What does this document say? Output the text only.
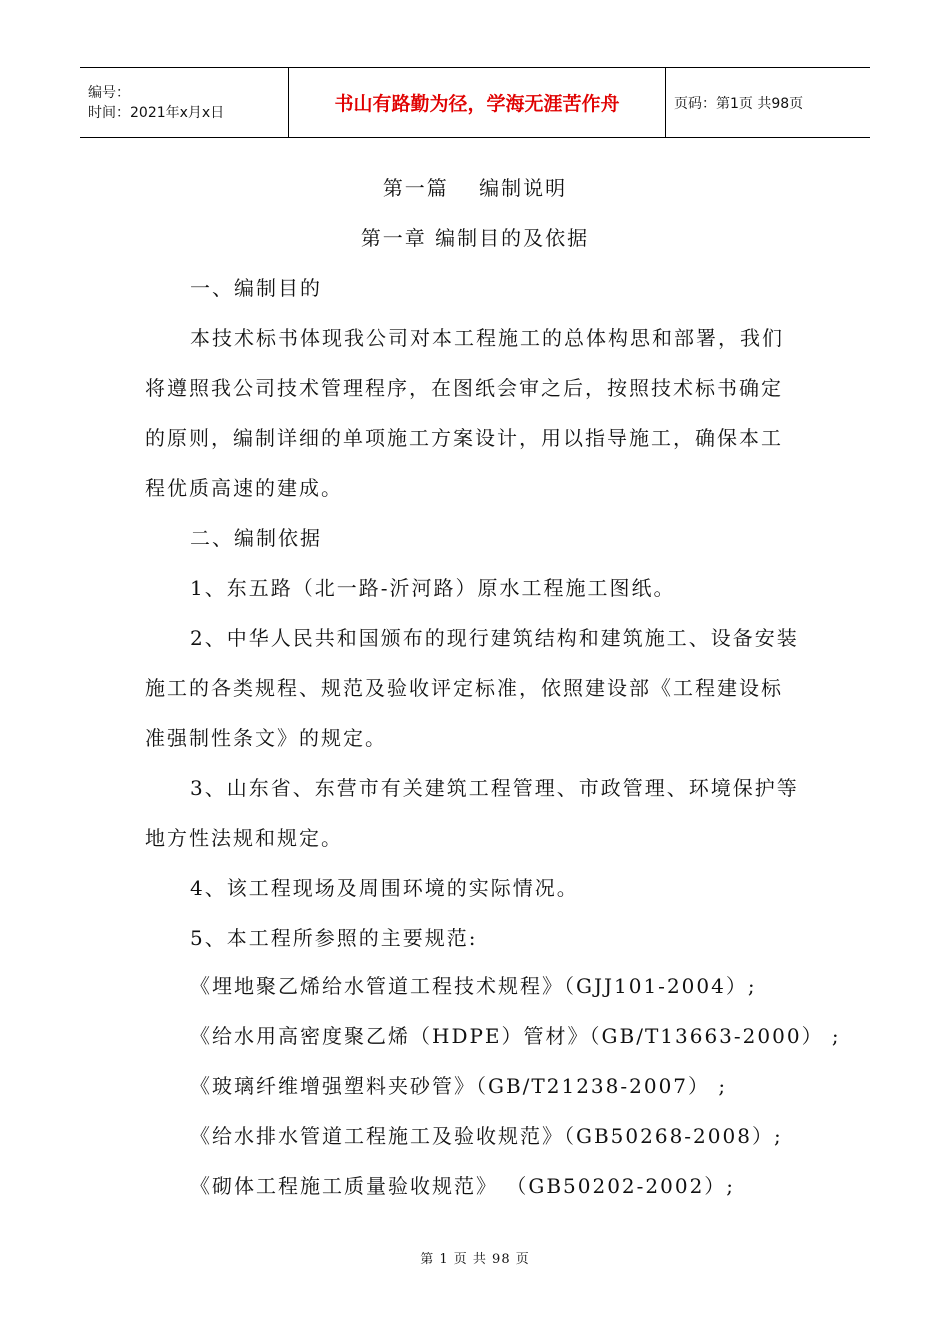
编号：
时间：2021年x月x日	书山有路勤为径，学海无涯苦作舟	页码：第1页 共98页
第一篇　 编制说明
第一章 编制目的及依据
一、编制目的
本技术标书体现我公司对本工程施工的总体构思和部署，我们
将遵照我公司技术管理程序，在图纸会审之后，按照技术标书确定
的原则，编制详细的单项施工方案设计，用以指导施工，确保本工
程优质高速的建成。
二、编制依据
1、东五路（北一路-沂河路）原水工程施工图纸。
2、中华人民共和国颁布的现行建筑结构和建筑施工、设备安装
施工的各类规程、规范及验收评定标准，依照建设部《工程建设标
准强制性条文》的规定。
3、山东省、东营市有关建筑工程管理、市政管理、环境保护等
地方性法规和规定。
4、该工程现场及周围环境的实际情况。
5、本工程所参照的主要规范:
《埋地聚乙烯给水管道工程技术规程》（GJJ101-2004）;
《给水用高密度聚乙烯（HDPE）管材》（GB/T13663-2000） ;
《玻璃纤维增强塑料夹砂管》（GB/T21238-2007） ;
《给水排水管道工程施工及验收规范》（GB50268-2008）;
《砌体工程施工质量验收规范》 （GB50202-2002）;
第 1 页 共 98 页
